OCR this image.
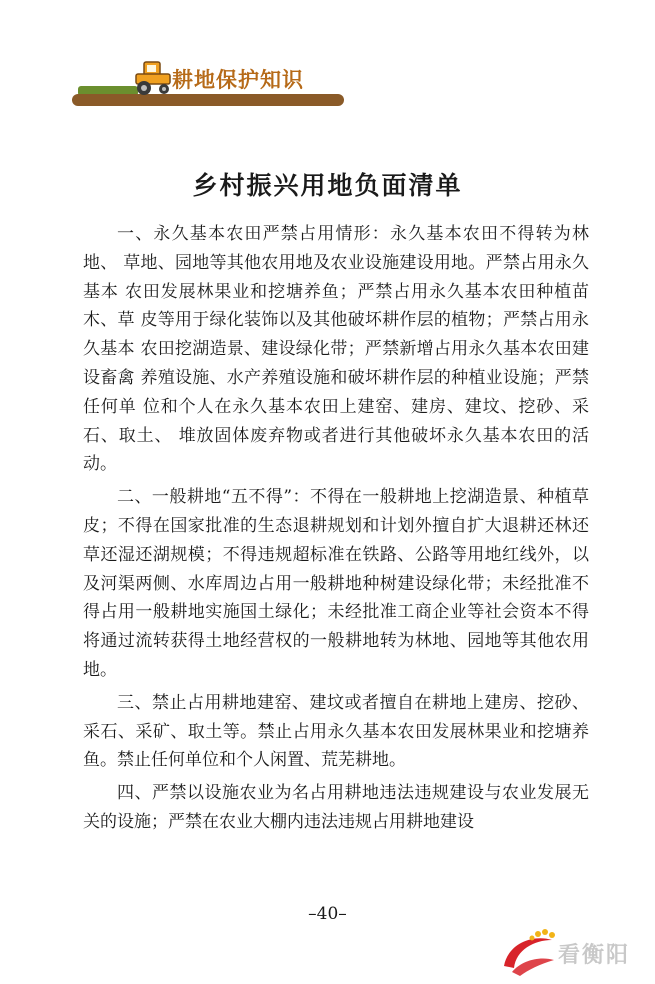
耕地保护知识
乡村振兴用地负面清单

一、永久基本农田严禁占用情形：永久基本农田不得转为林地、 草地、园地等其他农用地及农业设施建设用地。严禁占用永久基本 农田发展林果业和挖塘养鱼；严禁占用永久基本农田种植苗木、草 皮等用于绿化装饰以及其他破坏耕作层的植物；严禁占用永久基本 农田挖湖造景、建设绿化带；严禁新增占用永久基本农田建设畜禽 养殖设施、水产养殖设施和破坏耕作层的种植业设施；严禁任何单 位和个人在永久基本农田上建窑、建房、建坟、挖砂、采石、取土、 堆放固体废弃物或者进行其他破坏永久基本农田的活动。

二、一般耕地“五不得”：不得在一般耕地上挖湖造景、种植草皮；不得在国家批准的生态退耕规划和计划外擅自扩大退耕还林还草还湿还湖规模；不得违规超标准在铁路、公路等用地红线外，以及河渠两侧、水库周边占用一般耕地种树建设绿化带；未经批准不得占用一般耕地实施国土绿化；未经批准工商企业等社会资本不得将通过流转获得土地经营权的一般耕地转为林地、园地等其他农用地。

三、禁止占用耕地建窑、建坟或者擅自在耕地上建房、挖砂、采石、采矿、取土等。禁止占用永久基本农田发展林果业和挖塘养鱼。禁止任何单位和个人闲置、荒芜耕地。

四、严禁以设施农业为名占用耕地违法违规建设与农业发展无关的设施；严禁在农业大棚内违法违规占用耕地建设

–40–
看衡阳
